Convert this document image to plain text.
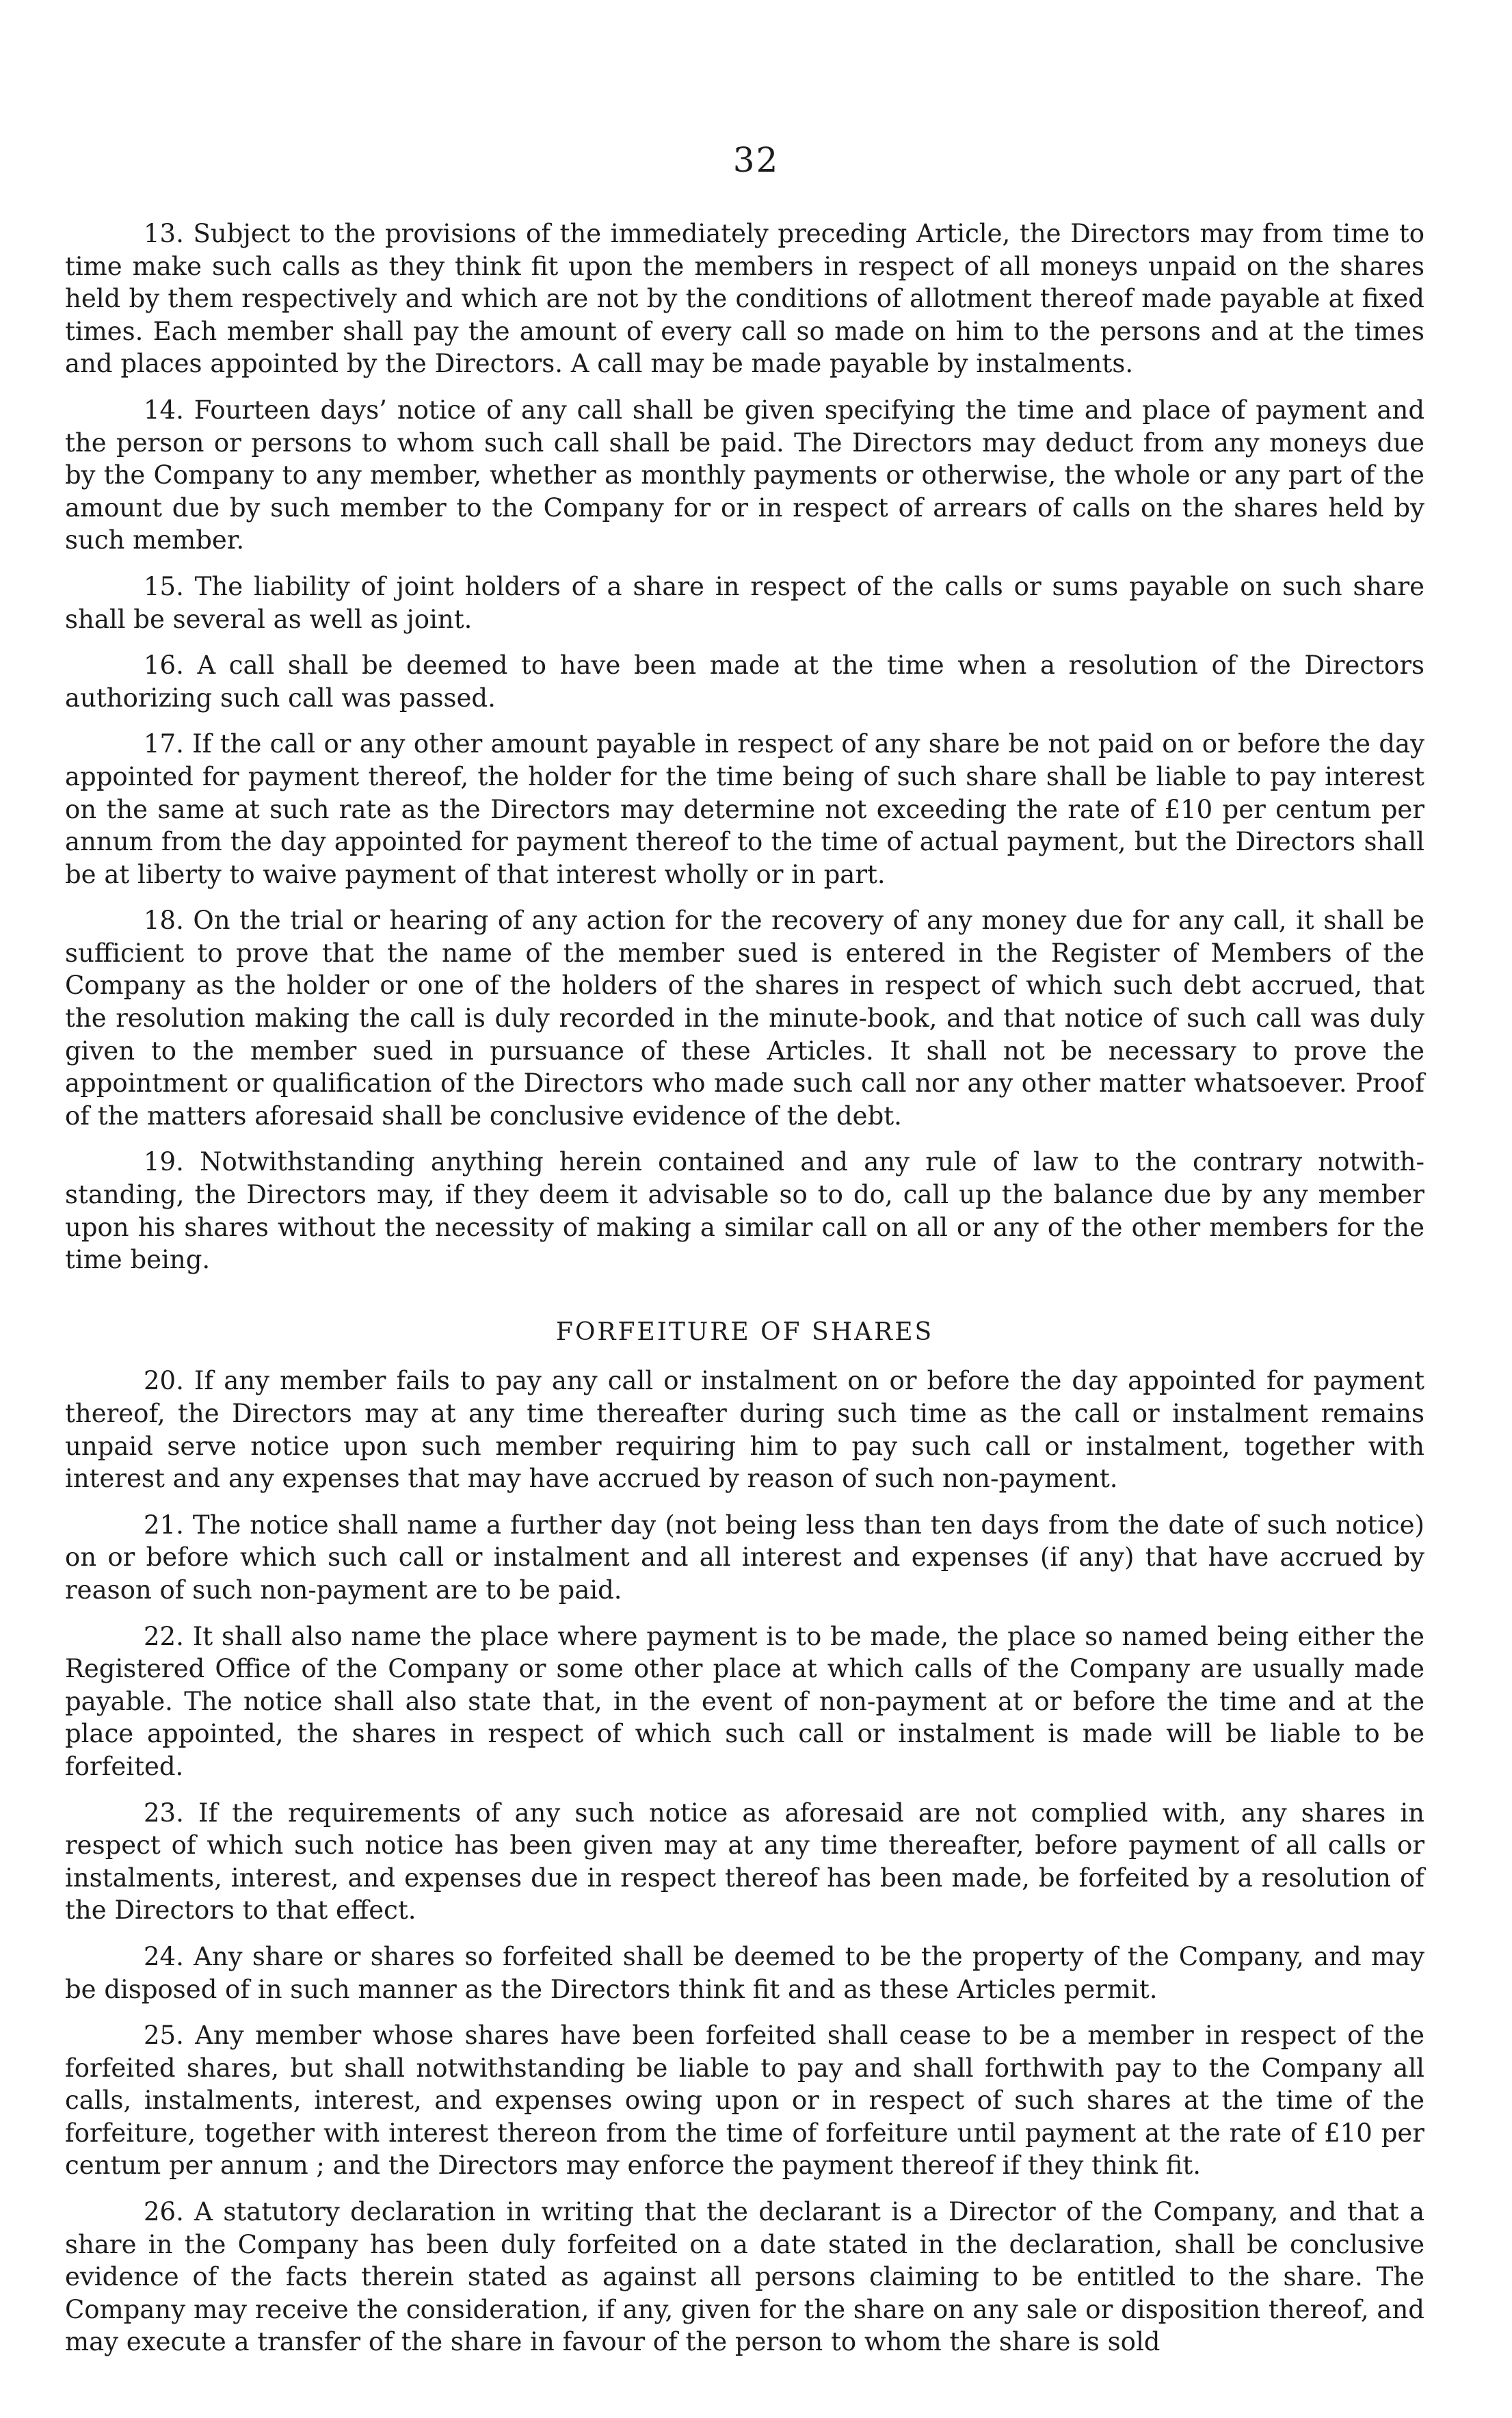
32

13. Subject to the provisions of the immediately preceding Article, the Directors may from time to time make such calls as they think fit upon the members in respect of all moneys unpaid on the shares held by them respectively and which are not by the conditions of allotment thereof made payable at fixed times. Each member shall pay the amount of every call so made on him to the persons and at the times and places appointed by the Directors. A call may be made payable by instalments.

14. Fourteen days’ notice of any call shall be given specifying the time and place of payment and the person or persons to whom such call shall be paid. The Directors may deduct from any moneys due by the Company to any member, whether as monthly payments or otherwise, the whole or any part of the amount due by such member to the Company for or in respect of arrears of calls on the shares held by such member.

15. The liability of joint holders of a share in respect of the calls or sums payable on such share shall be several as well as joint.

16. A call shall be deemed to have been made at the time when a resolution of the Directors authorizing such call was passed.

17. If the call or any other amount payable in respect of any share be not paid on or before the day appointed for payment thereof, the holder for the time being of such share shall be liable to pay interest on the same at such rate as the Directors may determine not exceeding the rate of £10 per centum per annum from the day appointed for payment thereof to the time of actual payment, but the Directors shall be at liberty to waive payment of that interest wholly or in part.

18. On the trial or hearing of any action for the recovery of any money due for any call, it shall be sufficient to prove that the name of the member sued is entered in the Register of Members of the Company as the holder or one of the holders of the shares in respect of which such debt accrued, that the resolution making the call is duly recorded in the minute-book, and that notice of such call was duly given to the member sued in pursuance of these Articles. It shall not be necessary to prove the appointment or qualification of the Directors who made such call nor any other matter whatsoever. Proof of the matters aforesaid shall be conclusive evidence of the debt.

19. Notwithstanding anything herein contained and any rule of law to the contrary notwithstanding, the Directors may, if they deem it advisable so to do, call up the balance due by any member upon his shares without the necessity of making a similar call on all or any of the other members for the time being.

FORFEITURE OF SHARES

20. If any member fails to pay any call or instalment on or before the day appointed for payment thereof, the Directors may at any time thereafter during such time as the call or instalment remains unpaid serve notice upon such member requiring him to pay such call or instalment, together with interest and any expenses that may have accrued by reason of such non-payment.

21. The notice shall name a further day (not being less than ten days from the date of such notice) on or before which such call or instalment and all interest and expenses (if any) that have accrued by reason of such non-payment are to be paid.

22. It shall also name the place where payment is to be made, the place so named being either the Registered Office of the Company or some other place at which calls of the Company are usually made payable. The notice shall also state that, in the event of non-payment at or before the time and at the place appointed, the shares in respect of which such call or instalment is made will be liable to be forfeited.

23. If the requirements of any such notice as aforesaid are not complied with, any shares in respect of which such notice has been given may at any time thereafter, before payment of all calls or instalments, interest, and expenses due in respect thereof has been made, be forfeited by a resolution of the Directors to that effect.

24. Any share or shares so forfeited shall be deemed to be the property of the Company, and may be disposed of in such manner as the Directors think fit and as these Articles permit.

25. Any member whose shares have been forfeited shall cease to be a member in respect of the forfeited shares, but shall notwithstanding be liable to pay and shall forthwith pay to the Company all calls, instalments, interest, and expenses owing upon or in respect of such shares at the time of the forfeiture, together with interest thereon from the time of forfeiture until payment at the rate of £10 per centum per annum ; and the Directors may enforce the payment thereof if they think fit.

26. A statutory declaration in writing that the declarant is a Director of the Company, and that a share in the Company has been duly forfeited on a date stated in the declaration, shall be conclusive evidence of the facts therein stated as against all persons claiming to be entitled to the share. The Company may receive the consideration, if any, given for the share on any sale or disposition thereof, and may execute a transfer of the share in favour of the person to whom the share is sold
